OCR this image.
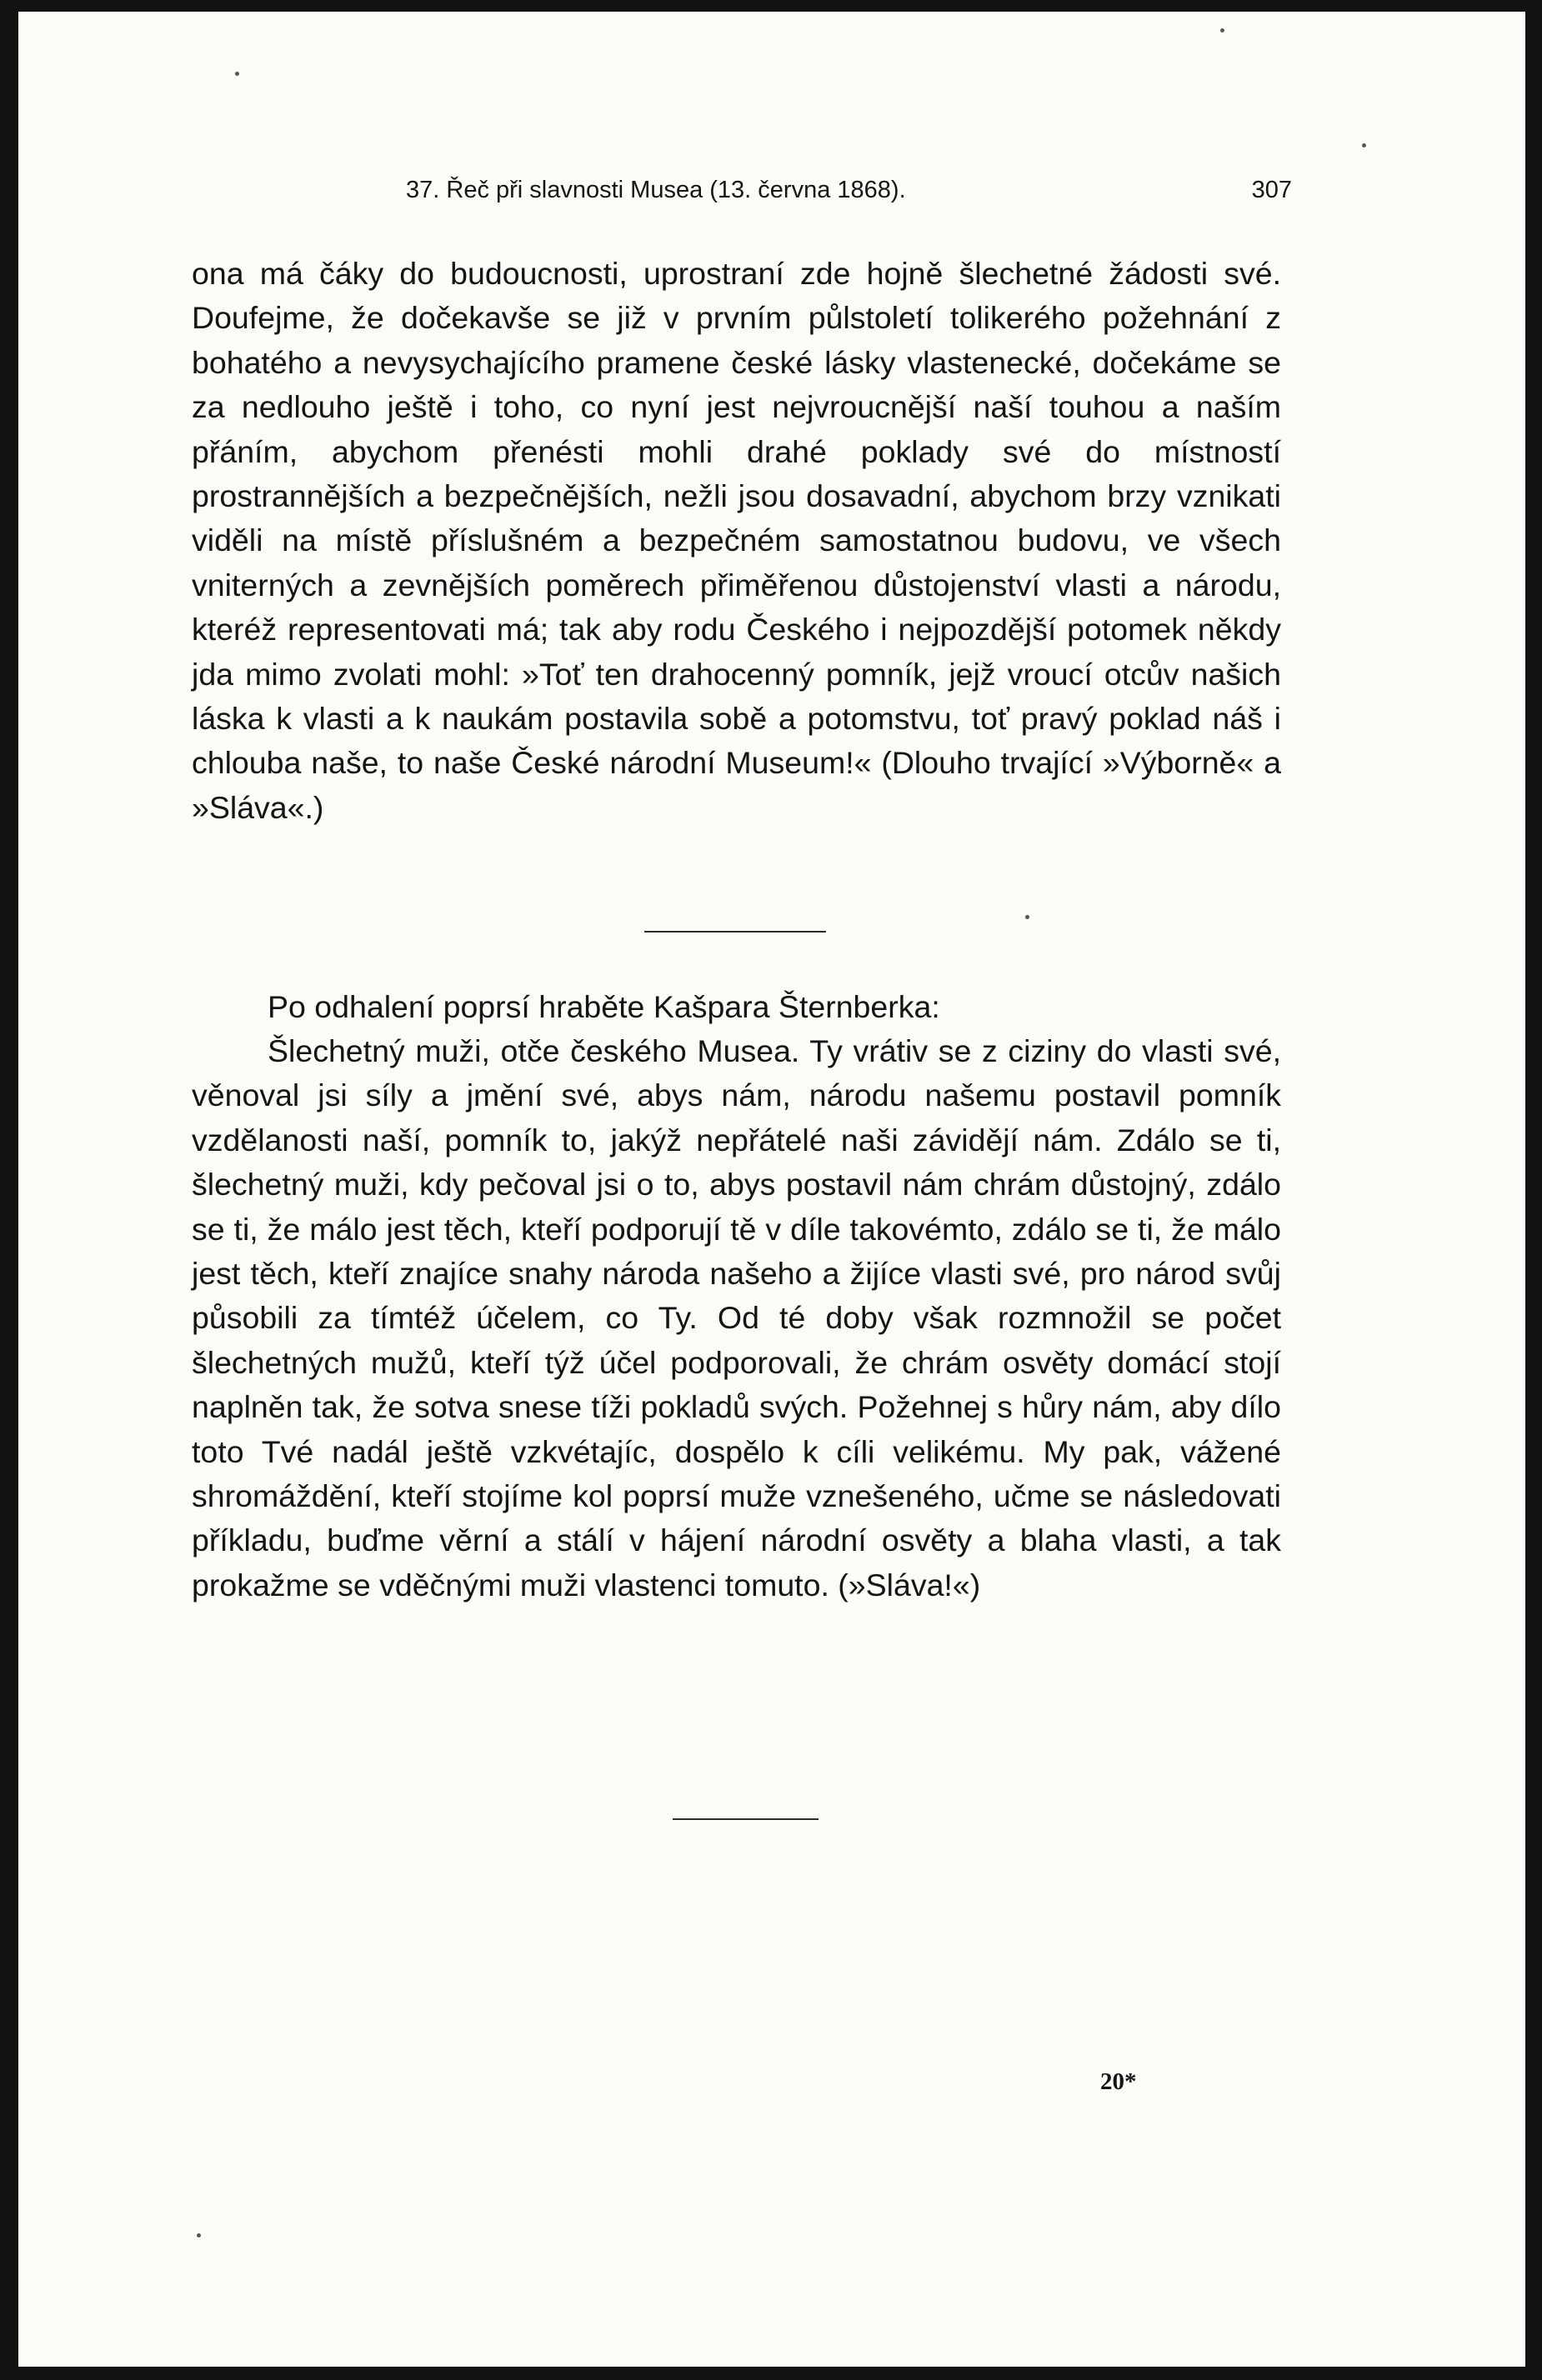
37. Řeč při slavnosti Musea (13. června 1868).	307
ona má čáky do budoucnosti, uprostraní zde hojně šlechetné žádosti své. Doufejme, že dočekavše se již v prvním půlstoletí tolikerého požehnání z bohatého a nevysychajícího pramene české lásky vlastenecké, dočekáme se za nedlouho ještě i toho, co nyní jest nejvroucnější naší touhou a naším přáním, abychom přenésti mohli drahé poklady své do místností prostrannějších a bezpečnějších, nežli jsou dosavadní, abychom brzy vznikati viděli na místě příslušném a bezpečném samostatnou budovu, ve všech vniterných a zevnějších poměrech přiměřenou důstojenství vlasti a národu, kteréž representovati má; tak aby rodu Českého i nejpozdější potomek někdy jda mimo zvolati mohl: »Toť ten drahocenný pomník, jejž vroucí otcův našich láska k vlasti a k naukám postavila sobě a potomstvu, toť pravý poklad náš i chlouba naše, to naše České národní Museum!« (Dlouho trvající »Výborně« a »Sláva«.)
Po odhalení poprsí hraběte Kašpara Šternberka:
Šlechetný muži, otče českého Musea. Ty vrátiv se z ciziny do vlasti své, věnoval jsi síly a jmění své, abys nám, národu našemu postavil pomník vzdělanosti naší, pomník to, jakýž nepřátelé naši závidějí nám. Zdálo se ti, šlechetný muži, kdy pečoval jsi o to, abys postavil nám chrám důstojný, zdálo se ti, že málo jest těch, kteří podporují tě v díle takovémto, zdálo se ti, že málo jest těch, kteří znajíce snahy národa našeho a žijíce vlasti své, pro národ svůj působili za tímtéž účelem, co Ty. Od té doby však rozmnožil se počet šlechetných mužů, kteří týž účel podporovali, že chrám osvěty domácí stojí naplněn tak, že sotva snese tíži pokladů svých. Požehnej s hůry nám, aby dílo toto Tvé nadál ještě vzkvétajíc, dospělo k cíli velikému. My pak, vážené shromáždění, kteří stojíme kol poprsí muže vznešeného, učme se následovati příkladu, buďme věrní a stálí v hájení národní osvěty a blaha vlasti, a tak prokažme se vděčnými muži vlastenci tomuto. (»Sláva!«)
20*
